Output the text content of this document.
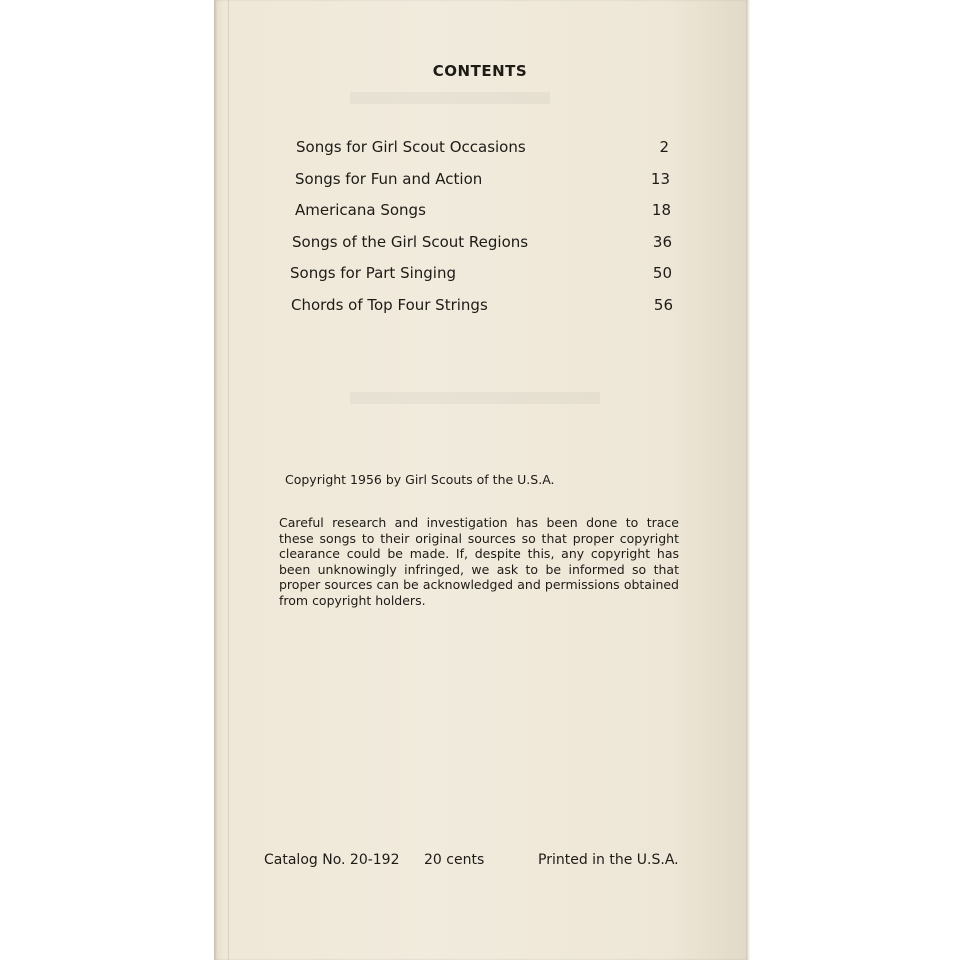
CONTENTS
Songs for Girl Scout Occasions	2
Songs for Fun and Action	13
Americana Songs	18
Songs of the Girl Scout Regions	36
Songs for Part Singing	50
Chords of Top Four Strings	56
Copyright 1956 by Girl Scouts of the U.S.A.
Careful research and investigation has been done to trace these songs to their original sources so that proper copyright clearance could be made. If, despite this, any copyright has been unknowingly infringed, we ask to be informed so that proper sources can be acknowledged and permissions obtained from copyright holders.
Catalog No. 20-192 20 cents	Printed in the U.S.A.
